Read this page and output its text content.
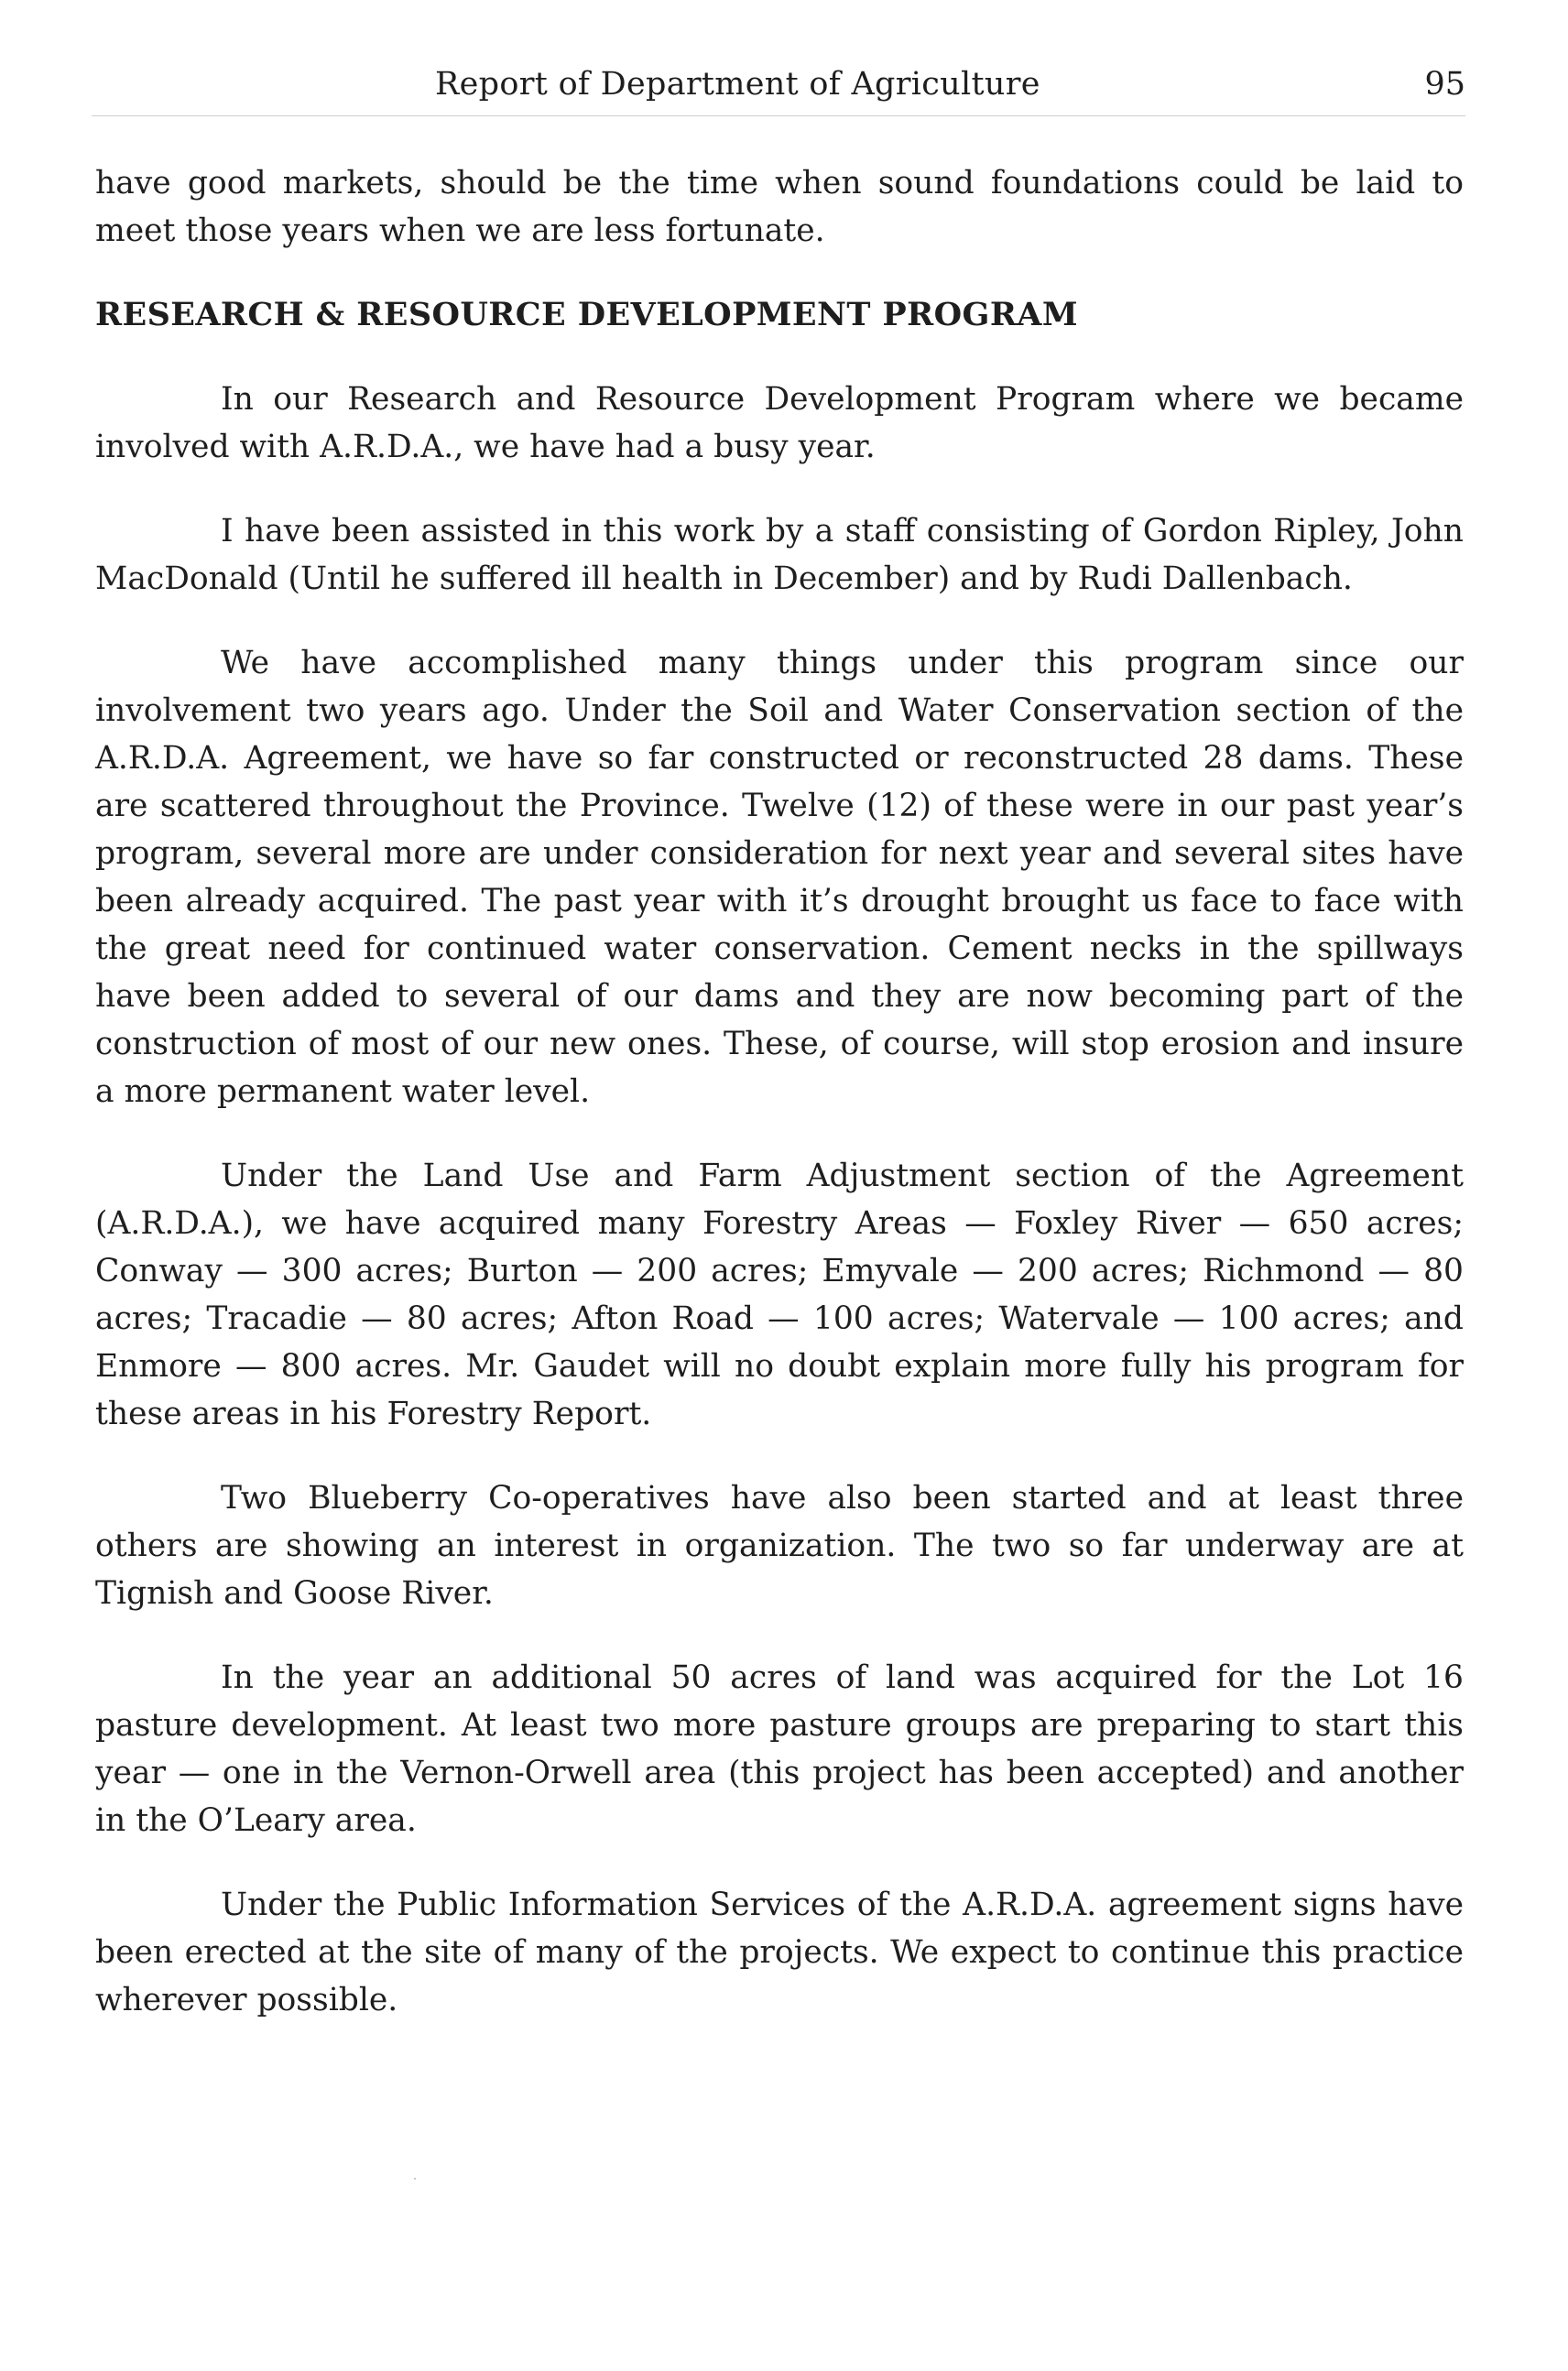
Report of Department of Agriculture	95

have good markets, should be the time when sound foundations could be laid to meet those years when we are less fortunate.

RESEARCH & RESOURCE DEVELOPMENT PROGRAM

In our Research and Resource Development Program where we became involved with A.R.D.A., we have had a busy year.

I have been assisted in this work by a staff consisting of Gordon Ripley, John MacDonald (Until he suffered ill health in December) and by Rudi Dallenbach.

We have accomplished many things under this program since our involvement two years ago. Under the Soil and Water Conservation section of the A.R.D.A. Agreement, we have so far constructed or reconstructed 28 dams. These are scattered throughout the Province. Twelve (12) of these were in our past year’s program, several more are under consideration for next year and several sites have been already acquired. The past year with it’s drought brought us face to face with the great need for continued water conservation. Cement necks in the spillways have been added to several of our dams and they are now becoming part of the construction of most of our new ones. These, of course, will stop erosion and insure a more permanent water level.

Under the Land Use and Farm Adjustment section of the Agreement (A.R.D.A.), we have acquired many Forestry Areas — Foxley River — 650 acres; Conway — 300 acres; Burton — 200 acres; Emyvale — 200 acres; Richmond — 80 acres; Tracadie — 80 acres; Afton Road — 100 acres; Watervale — 100 acres; and Enmore — 800 acres. Mr. Gaudet will no doubt explain more fully his program for these areas in his Forestry Report.

Two Blueberry Co-operatives have also been started and at least three others are showing an interest in organization. The two so far underway are at Tignish and Goose River.

In the year an additional 50 acres of land was acquired for the Lot 16 pasture development. At least two more pasture groups are preparing to start this year — one in the Vernon-Orwell area (this project has been accepted) and another in the O’Leary area.

Under the Public Information Services of the A.R.D.A. agreement signs have been erected at the site of many of the projects. We expect to continue this practice wherever possible.
